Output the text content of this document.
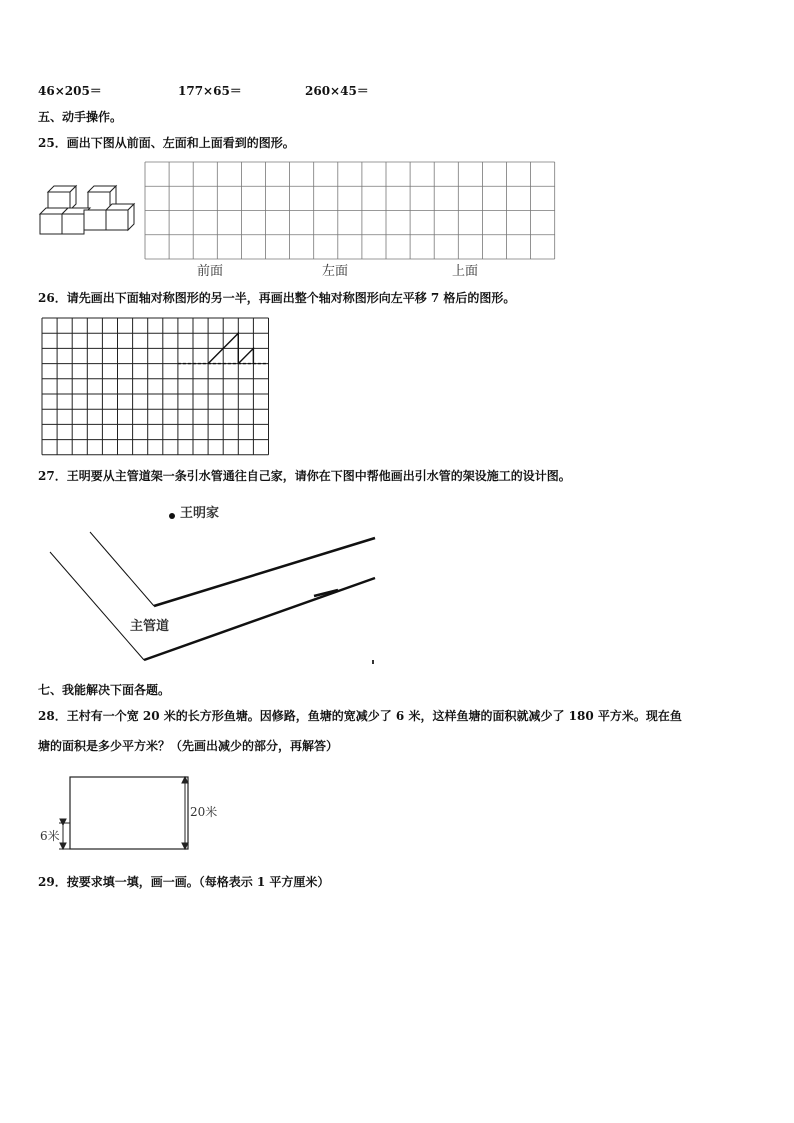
46×205＝	177×65＝	260×45＝
五、动手操作。
25．画出下图从前面、左面和上面看到的图形。
前面	左面	上面
26．请先画出下面轴对称图形的另一半，再画出整个轴对称图形向左平移 7 格后的图形。
27．王明要从主管道架一条引水管通往自己家，请你在下图中帮他画出引水管的架设施工的设计图。
王明家
主管道
七、我能解决下面各题。
28．王村有一个宽 20 米的长方形鱼塘。因修路，鱼塘的宽减少了 6 米，这样鱼塘的面积就减少了 180 平方米。现在鱼
塘的面积是多少平方米？（先画出减少的部分，再解答）
20米
6米
29．按要求填一填，画一画。（每格表示 1 平方厘米）
